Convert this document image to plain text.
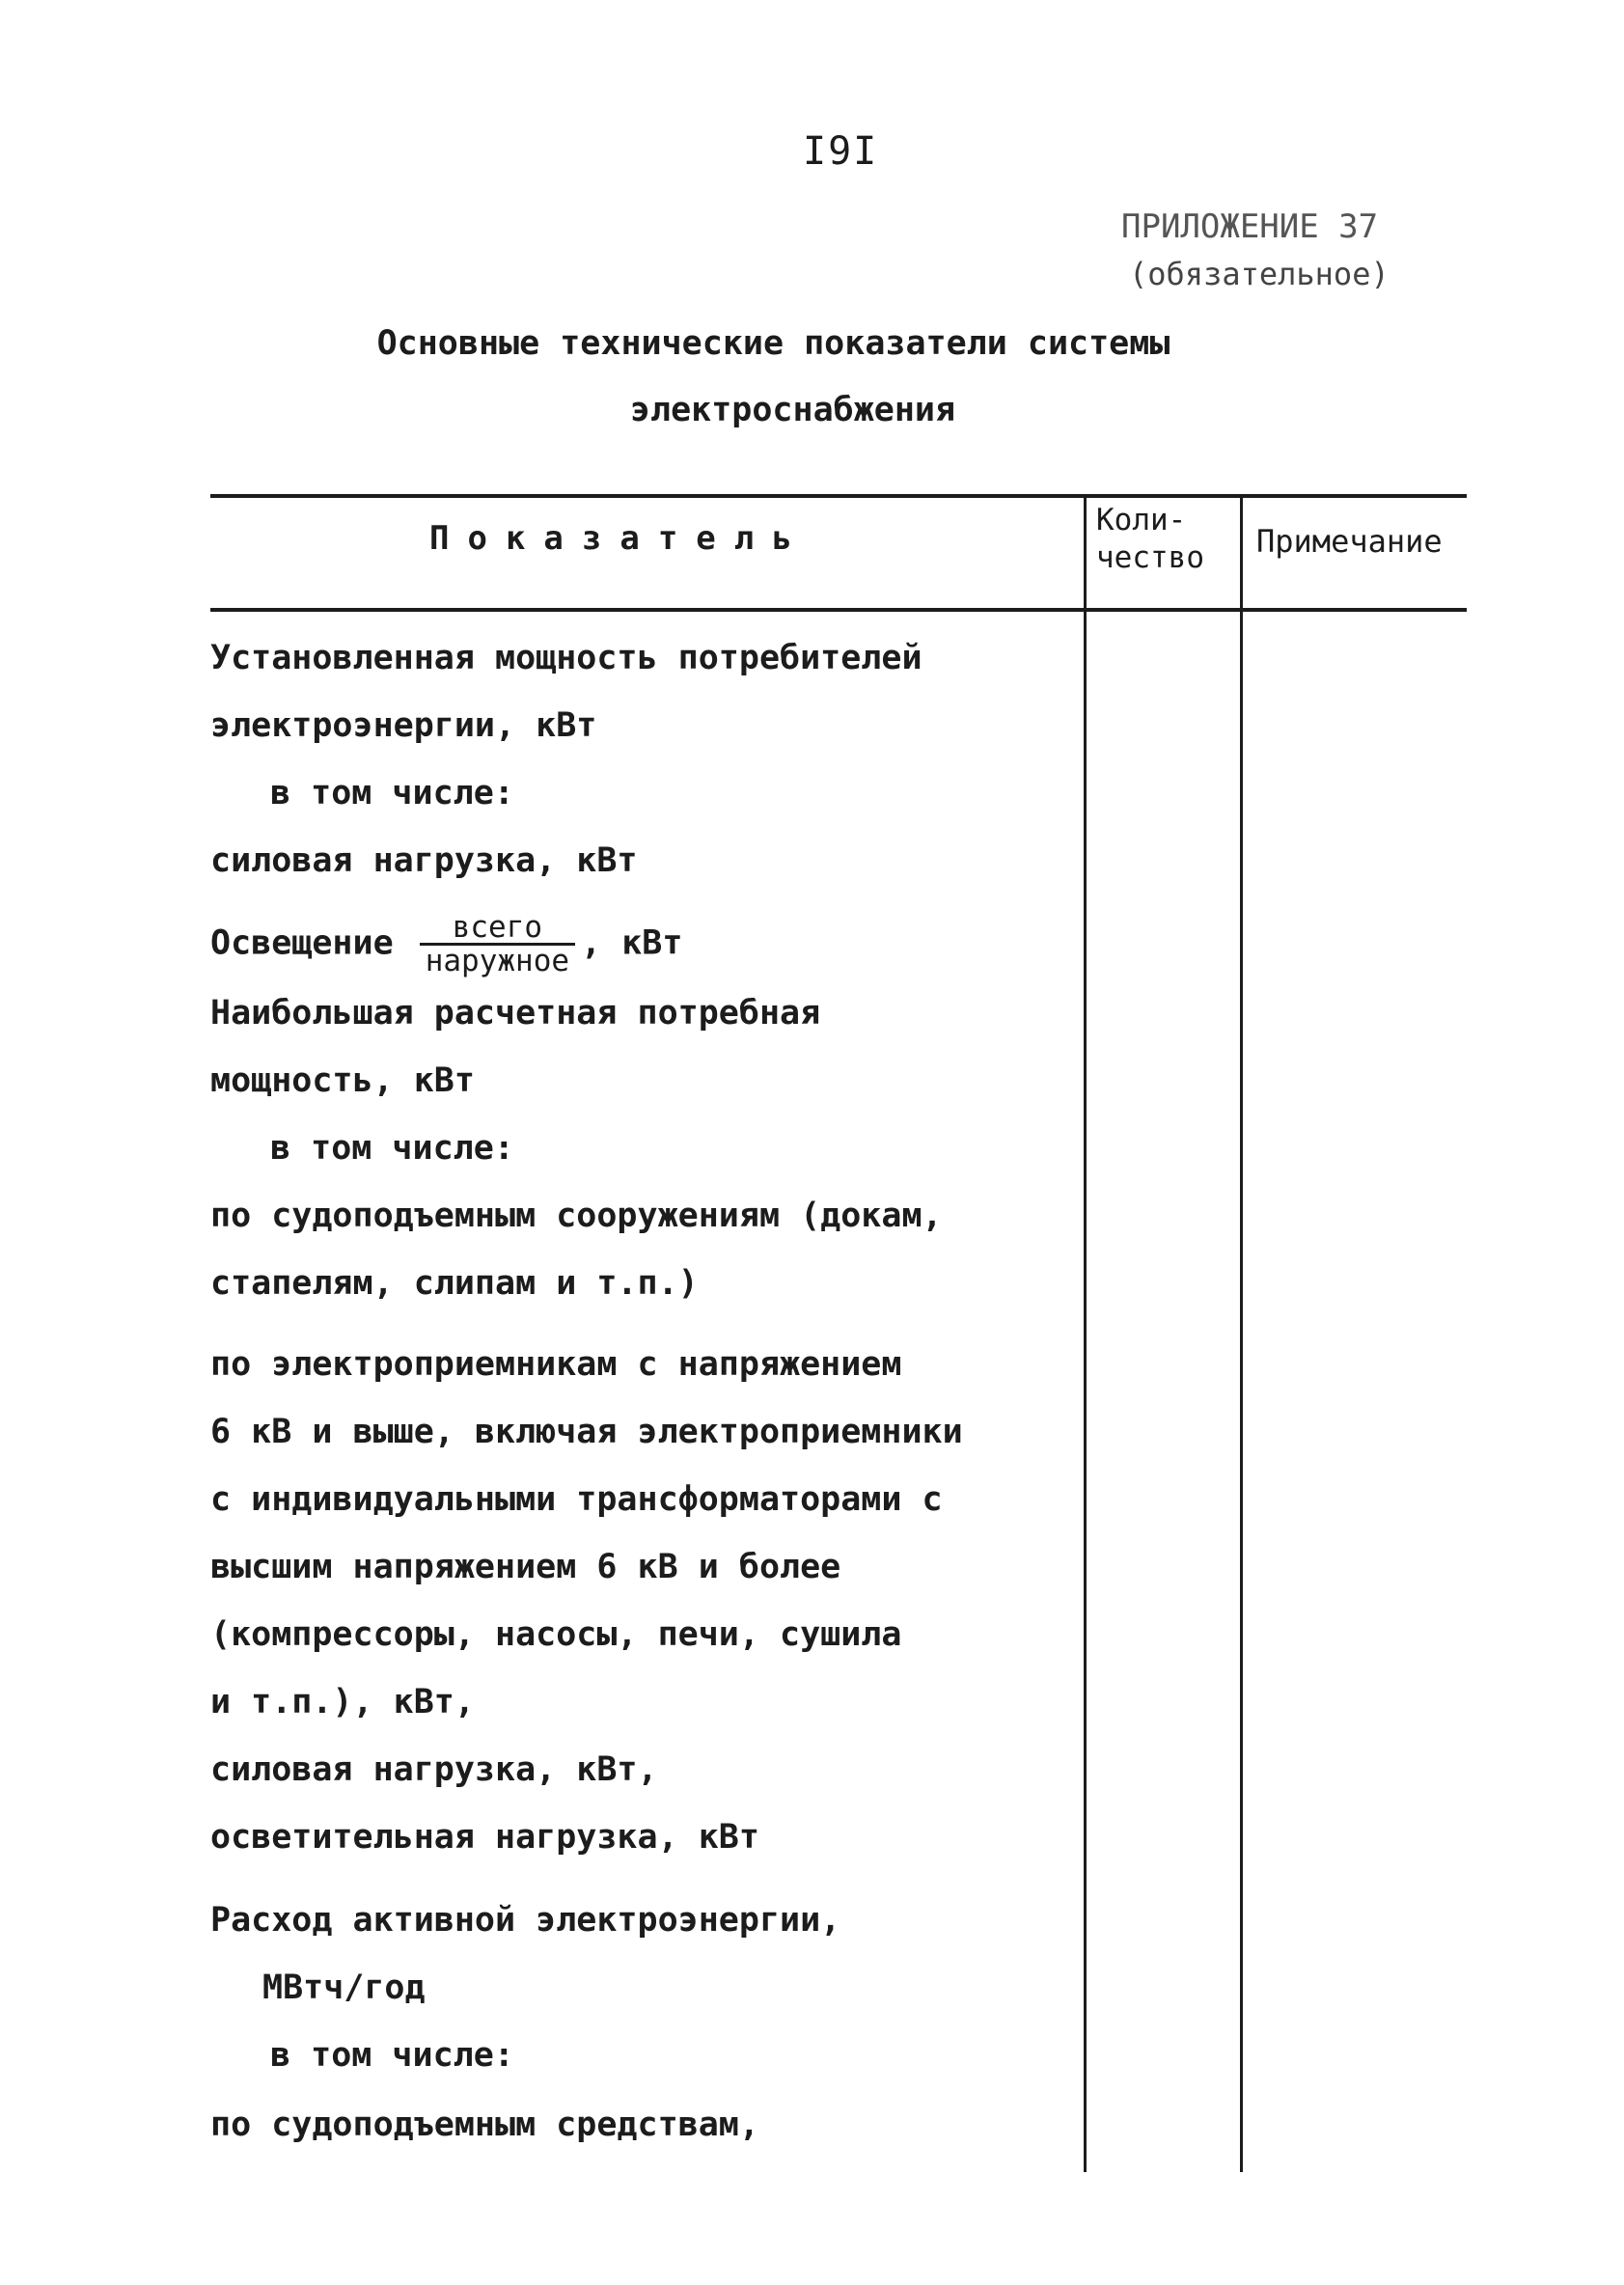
I9I
ПРИЛОЖЕНИЕ 37
(обязательное)
Основные технические показатели системы
электроснабжения
Показатель	Коли-
чество Примечание
Установленная мощность потребителей
электроэнергии, кВт
в том числе:
силовая нагрузка, кВт
Освещение $\frac{\text{всего}}{\text{наружное}}$ , кВт
Наибольшая расчетная потребная
мощность, кВт
в том числе:
по судоподъемным сооружениям (докам,
стапелям, слипам и т.п.)
по электроприемникам с напряжением
6 кВ и выше, включая электроприемники
с индивидуальными трансформаторами с
высшим напряжением 6 кВ и более
(компрессоры, насосы, печи, сушила
и т.п.), кВт,
силовая нагрузка, кВт,
осветительная нагрузка, кВт
Расход активной электроэнергии,
МВтч/год
в том числе:
по судоподъемным средствам,
